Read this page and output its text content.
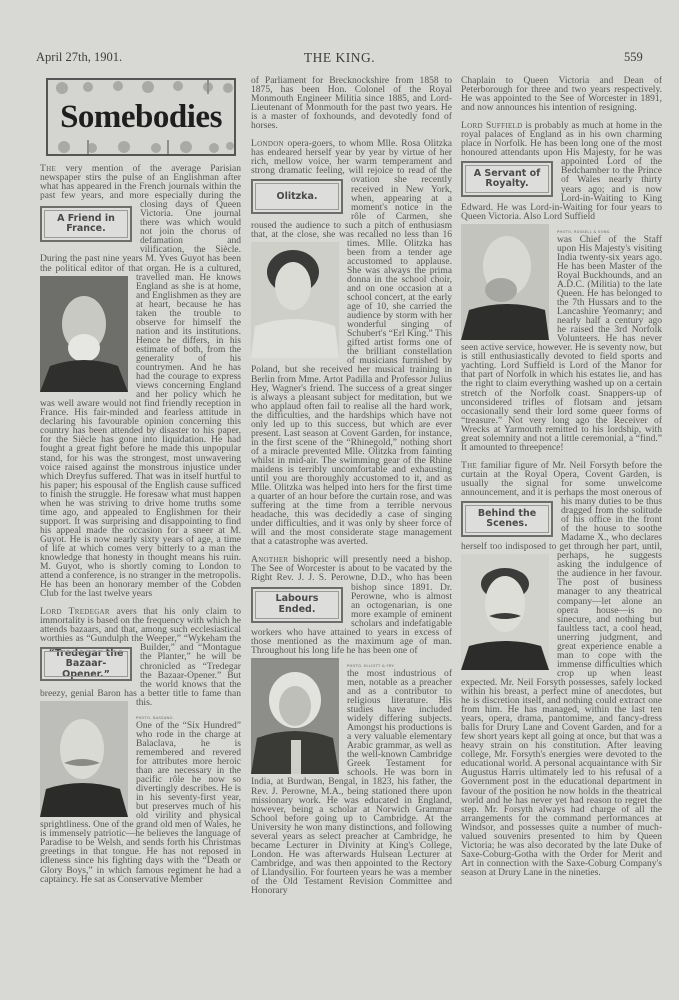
April 27th, 1901.	THE KING.	559
Somebodies

The very mention of the average Parisian newspaper stirs the pulse of an Englishman after what has appeared in the French journals within the past few years, and more especially
A Friend in France.
during the closing days of Queen Victoria. One journal there was which would not join the chorus of defamation and vilification, the Siècle. During the past nine years M. Yves Guyot has been the political editor of that organ. He is a cultured, travelled man.
He knows England as she is at home, and Englishmen as they are at heart, because he has taken the trouble to observe for himself the nation and its institutions. Hence he differs, in his estimate of both, from the generality of his countrymen. And he has had the courage to express views concerning England and her policy which he was well aware would not find friendly reception in France. His fair-minded and fearless attitude in declaring his favourable opinion concerning this country has been attended by disaster to his paper, for the Siècle has gone into liquidation. He had fought a great fight before he made this unpopular stand, for his was the strongest, most unwavering voice raised against the monstrous injustice under which Dreyfus suffered. That was in itself hurtful to his paper; his espousal of the English cause sufficed to finish the struggle. He foresaw what must happen when he was striving to drive home truths some time ago, and appealed to Englishmen for their support. It was surprising and disappointing to find his appeal made the occasion for a sneer at M. Guyot. He is now nearly sixty years of age, a time of life at which comes very bitterly to a man the knowledge that honesty in thought means his ruin. M. Guyot, who is shortly coming to London to attend a conference, is no stranger in the metropolis. He has been an honorary member of the Cobden Club for the last twelve years

Lord Tredegar avers that his only claim to immortality is based on the frequency with which he attends bazaars, and that, among such ecclesiastical worthies as “Gundulph the
“Tredegar the Bazaar-Opener.”
Weeper,” “Wykeham the Builder,” and “Montague the Planter,” he will be chronicled as “Tredegar the Bazaar-Opener.” But the world knows that the breezy, genial Baron has a better title to fame than this.

PHOTO. BASSANO.
One of the “Six Hundred” who rode in the charge at Balaclava, he is remembered and revered for attributes more heroic than are necessary in the pacific rôle he now so divertingly describes. He is in his seventy-first year, but preserves much of his old virility and physical sprightliness. One of the grand old men of Wales, he is immensely patriotic—he believes the language of Paradise to be Welsh, and sends forth his Christmas greetings in that tongue. He has not reposed in idleness since his fighting days with the “Death or Glory Boys,” in which famous regiment he had a captaincy. He sat as Conservative Member

of Parliament for Brecknockshire from 1858 to 1875, has been Hon. Colonel of the Royal Monmouth Engineer Militia since 1885, and Lord-Lieutenant of Monmouth for the past two years. He is a master of foxhounds, and devotedly fond of horses.

London opera-goers, to whom Mlle. Rosa Olitzka has endeared herself year by year by virtue of her rich, mellow voice, her warm temperament and strong dramatic feeling, will
Olitzka.
rejoice to read of the ovation she recently received in New York, when, appearing at a moment's notice in the rôle of Carmen, she roused the audience to such a pitch of enthusiasm that, at the close, she was recalled no less than 16 times.
Mlle. Olitzka has been from a tender age accustomed to applause. She was always the prima donna in the school choir, and on one occasion at a school concert, at the early age of 10, she carried the audience by storm with her wonderful singing of Schubert's “Erl King.” This gifted artist forms one of the brilliant constellation of musicians furnished by Poland, but she received her musical training in Berlin from Mme. Artot Padilla and Professor Julius Hey, Wagner's friend. The success of a great singer is always a pleasant subject for meditation, but we who applaud often fail to realise all the hard work, the difficulties, and the hardships which have not only led up to this success, but which are ever present. Last season at Covent Garden, for instance, in the first scene of the “Rhinegold,” nothing short of a miracle prevented Mlle. Olitzka from fainting whilst in mid-air. The swimming gear of the Rhine maidens is terribly uncomfortable and exhausting until you are thoroughly accustomed to it, and as Mlle. Olitzka was helped into hers for the first time a quarter of an hour before the curtain rose, and was suffering at the time from a terrible nervous headache, this was decidedly a case of singing under difficulties, and it was only by sheer force of will and the most considerate stage management that a catastrophe was averted.

Another bishopric will presently need a bishop. The See of Worcester is about to be vacated by the Right Rev. J. J. S. Perowne, D.D., who has been bishop since 1891. Dr.
Labours Ended.
Perowne, who is almost an octogenarian, is one more example of eminent scholars and indefatigable workers who have attained to years in excess of those mentioned as the maximum age of man. Throughout his long life he has been one of

PHOTO. ELLIOTT & FRY.
the most industrious of men, notable as a preacher and as a contributor to religious literature. His studies have included widely differing subjects. Amongst his productions is a very valuable elementary Arabic grammar, as well as the well-known Cambridge Greek Testament for schools. He was born in India, at Burdwan, Bengal, in 1823, his father, the Rev. J. Perowne, M.A., being stationed there upon missionary work. He was educated in England, however, being a scholar at Norwich Grammar School before going up to Cambridge. At the University he won many distinctions, and following several years as select preacher at Cambridge, he became Lecturer in Divinity at King's College, London. He was afterwards Hulsean Lecturer at Cambridge, and was then appointed to the Rectory of Llandysilio. For fourteen years he was a member of the Old Testament Revision Committee and Honorary

Chaplain to Queen Victoria and Dean of Peterborough for three and two years respectively. He was appointed to the See of Worcester in 1891, and now announces his intention of resigning.

Lord Suffield is probably as much at home in the royal palaces of England as in his own charming place in Norfolk. He has been long one of the most honoured attendants upon His
A Servant of Royalty.
Majesty, for he was appointed Lord of the Bedchamber to the Prince of Wales nearly thirty years ago; and is now Lord-in-Waiting to King Edward. He was Lord-in-Waiting for four years to Queen Victoria. Also Lord Suffield

PHOTO. RUSSELL & SONS.
was Chief of the Staff upon His Majesty's visiting India twenty-six years ago. He has been Master of the Royal Buckhounds, and an A.D.C. (Militia) to the late Queen. He has belonged to the 7th Hussars and to the Lancashire Yeomanry; and nearly half a century ago he raised the 3rd Norfolk Volunteers. He has never seen active service, however. He is seventy now, but is still enthusiastically devoted to field sports and yachting. Lord Suffield is Lord of the Manor for that part of Norfolk in which his estates lie, and has the right to claim everything washed up on a certain stretch of the Norfolk coast. Snappers-up of unconsidered trifles of flotsam and jetsam occasionally send their lord some queer forms of “treasure.” Not very long ago the Receiver of Wrecks at Yarmouth remitted to his lordship, with great solemnity and not a little ceremonial, a “find.” It amounted to threepence!

The familiar figure of Mr. Neil Forsyth before the curtain at the Royal Opera, Covent Garden, is usually the signal for some unwelcome announcement, and it is perhaps the most
Behind the Scenes.
onerous of his many duties to be thus dragged from the solitude of his office in the front of the house to soothe Madame X., who declares herself too indisposed to get through her part, until, perhaps, he suggests
asking the indulgence of the audience in her favour. The post of business manager to any theatrical company—let alone an opera house—is no sinecure, and nothing but faultless tact, a cool head, unerring judgment, and great experience enable a man to cope with the immense difficulties which crop up when least expected. Mr. Neil Forsyth possesses, safely locked within his breast, a perfect mine of anecdotes, but he is discretion itself, and nothing could extract one from him. He has managed, within the last ten years, opera, drama, pantomime, and fancy-dress balls for Drury Lane and Covent Garden, and for a few short years kept all going at once, but that was a heavy strain on his constitution. After leaving college, Mr. Forsyth's energies were devoted to the educational world. A personal acquaintance with Sir Augustus Harris ultimately led to his refusal of a Government post in the educational department in favour of the position he now holds in the theatrical world and he has never yet had reason to regret the step. Mr. Forsyth always had charge of all the arrangements for the command performances at Windsor, and possesses quite a number of much-valued souvenirs presented to him by Queen Victoria; he was also decorated by the late Duke of Saxe-Coburg-Gotha with the Order for Merit and Art in connection with the Saxe-Coburg Company's season at Drury Lane in the nineties.
